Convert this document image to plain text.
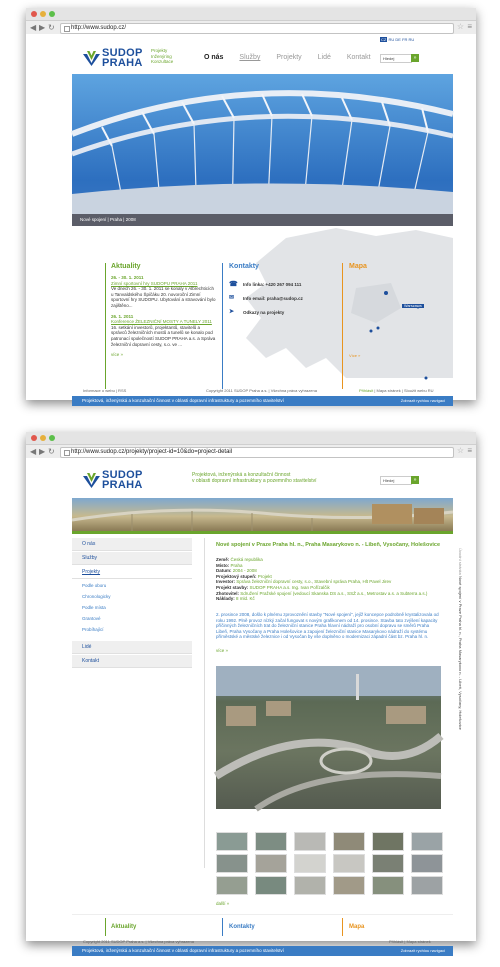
◀ ▶ ↻	http://www.sudop.cz/	☆ ≡
SUDOP
PRAHA
Projekty
Inženýring
Konzultace
O nás Služby Projekty Lidé Kontakt
CZ RU DE FR RU
Hledej	»
Nové spojení | Praha | 2008
Warszawa
Aktuality
26. - 30. 1. 2011
Zimní sportovní hry SUDOPU PRAHA 2011
Ve dnech 26. - 30. 1. 2011 se konaly v Albrechticích u Tanvaldského Špičáku 20. novoroční Zimní sportovní hry SUDOPU. Ubytování a stravování bylo zajištěno...
26. 1. 2011
Konference ŽELEZNIČNÍ MOSTY A TUNELY 2011
16. setkání investorů, projektantů, stavitelů a správců železničních mostů a tunelů se konalo pod patronací společností SUDOP PRAHA a.s. a Správa železniční dopravní cesty, s.o. ve ...
více »
Kontakty
☎	Info linka: +420 267 094 111
✉	Info email: praha@sudop.cz
➤	Odkazy na projekty
Mapa
Více »
Informace o webu | RSS	Copyright 2011 SUDOP Praha a.s. | Všechna práva vyhrazena	Přihlásit | Mapa stránek | Sloužit webu RU
Projektová, inženýrská a konzultační činnost v oblasti dopravní infrastruktury a pozemního stavitelství	Zobrazit rychlou navigaci
◀ ▶ ↻	http://www.sudop.cz/projekty/project-id=10&do=project-detail	☆ ≡
SUDOP
PRAHA
Projektová, inženýrská a konzultační činnost
v oblasti dopravní infrastruktury a pozemního stavitelství	Hledej	»
O nás
Služby
Projekty
Podle oboru
Chronologicky
Podle místa
Grantové
Probíhající
Lidé
Kontakt
Nové spojení v Praze Praha hl. n., Praha Masarykovo n. - Libeň, Vysočany, Holešovice
Země: Česká republika
Místo: Praha
Datum: 2004 - 2008
Projektový stupeň: Projekt
Investor: Správa železniční dopravní cesty, s.o., Stavební správa Praha, Hlt Pavel Jirev
Projekt stavby: SUDOP PRAHA a.s. Ing. Ivan Pořízalčik
Zhotovitel: Sdružení Pražské spojení (vedoucí Skanska DS a.s., SSŽ a.s., Metrostav a.s. a Subterra a.s.)
Náklady: 8 mld. Kč
2. prosince 2008, došlo k plnému zprovoznění stavby "Nové spojení", jejíž koncepce podrobně krystalizovala od roku 1992. Plně provoz nízký začal fungovat s novým grafikonem od 14. prosince. Stavba tato zvýšení kapacity příčinných železničních trat do železniční stanice Praha hlavní nádraží pro osobní dopravu se směrů Praha Libeň, Praha Vysočany a Praha Holešovice a zapojení železniční stanice Masarykovo nádraží do systému příměstské a městské železnice i od Vysočan by vše doplněno o modernizaci západní část bz. Praha hl. n.
více »
další »
Úvodní stránka Nové spojení v Praze Praha hl. n., Praha Masarykovo n. - Libeň, Vysočany, Holešovice
Aktuality	Kontakty	Mapa
Copyright 2011 SUDOP Praha a.s. | Všechna práva vyhrazena	Přihlásit | Mapa stránek
Projektová, inženýrská a konzultační činnost v oblasti dopravní infrastruktury a pozemního stavitelství	Zobrazit rychlou navigaci
